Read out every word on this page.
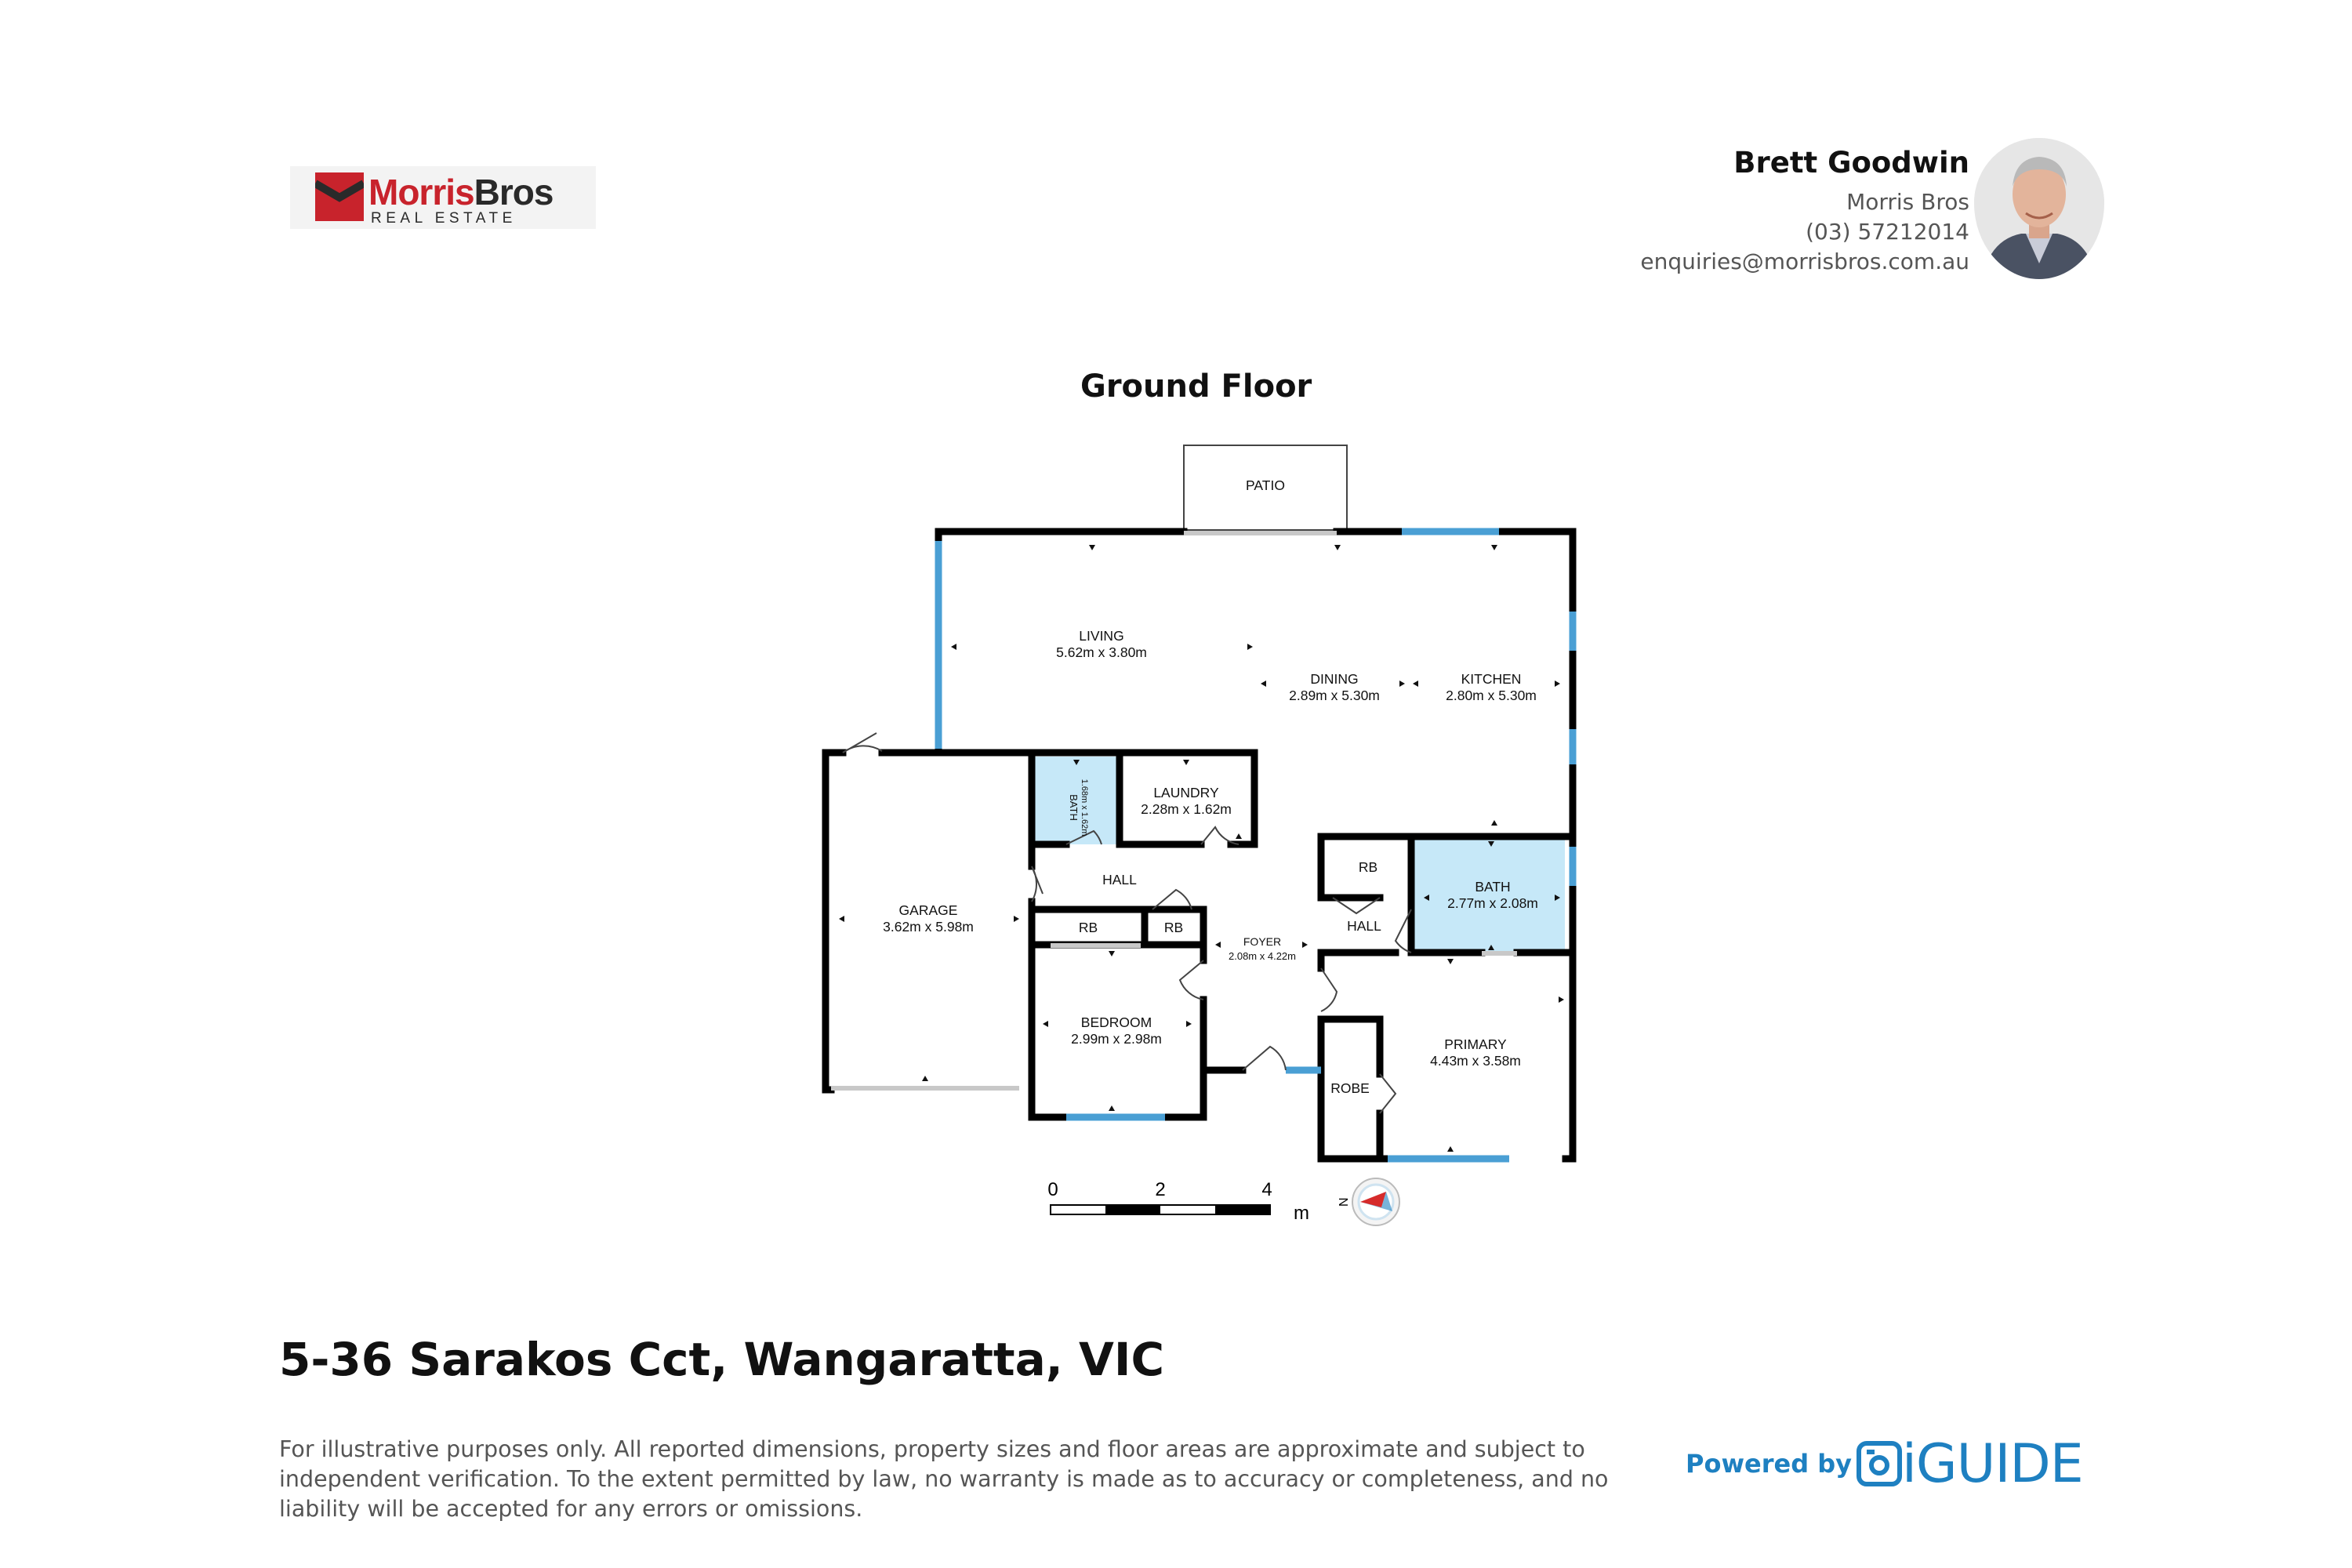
MorrisBros
REAL ESTATE
Brett Goodwin
Morris Bros
(03) 57212014
enquiries@morrisbros.com.au
Ground Floor
PATIO
LIVING
5.62m x 3.80m
DINING
2.89m x 5.30m
KITCHEN
2.80m x 5.30m
BATH 1.68m x 1.62m	LAUNDRY
2.28m x 1.62m
HALL
GARAGE
3.62m x 5.98m	RB	RB
FOYER
2.08m x 4.22m
BEDROOM
2.99m x 2.98m
RB
HALL
BATH
2.77m x 2.08m
PRIMARY
4.43m x 3.58m
ROBE
0	2	4
m
N
5-36 Sarakos Cct, Wangaratta, VIC
For illustrative purposes only. All reported dimensions, property sizes and floor areas are approximate and subject to independent verification. To the extent permitted by law, no warranty is made as to accuracy or completeness, and no liability will be accepted for any errors or omissions.
Powered by iGUIDE
